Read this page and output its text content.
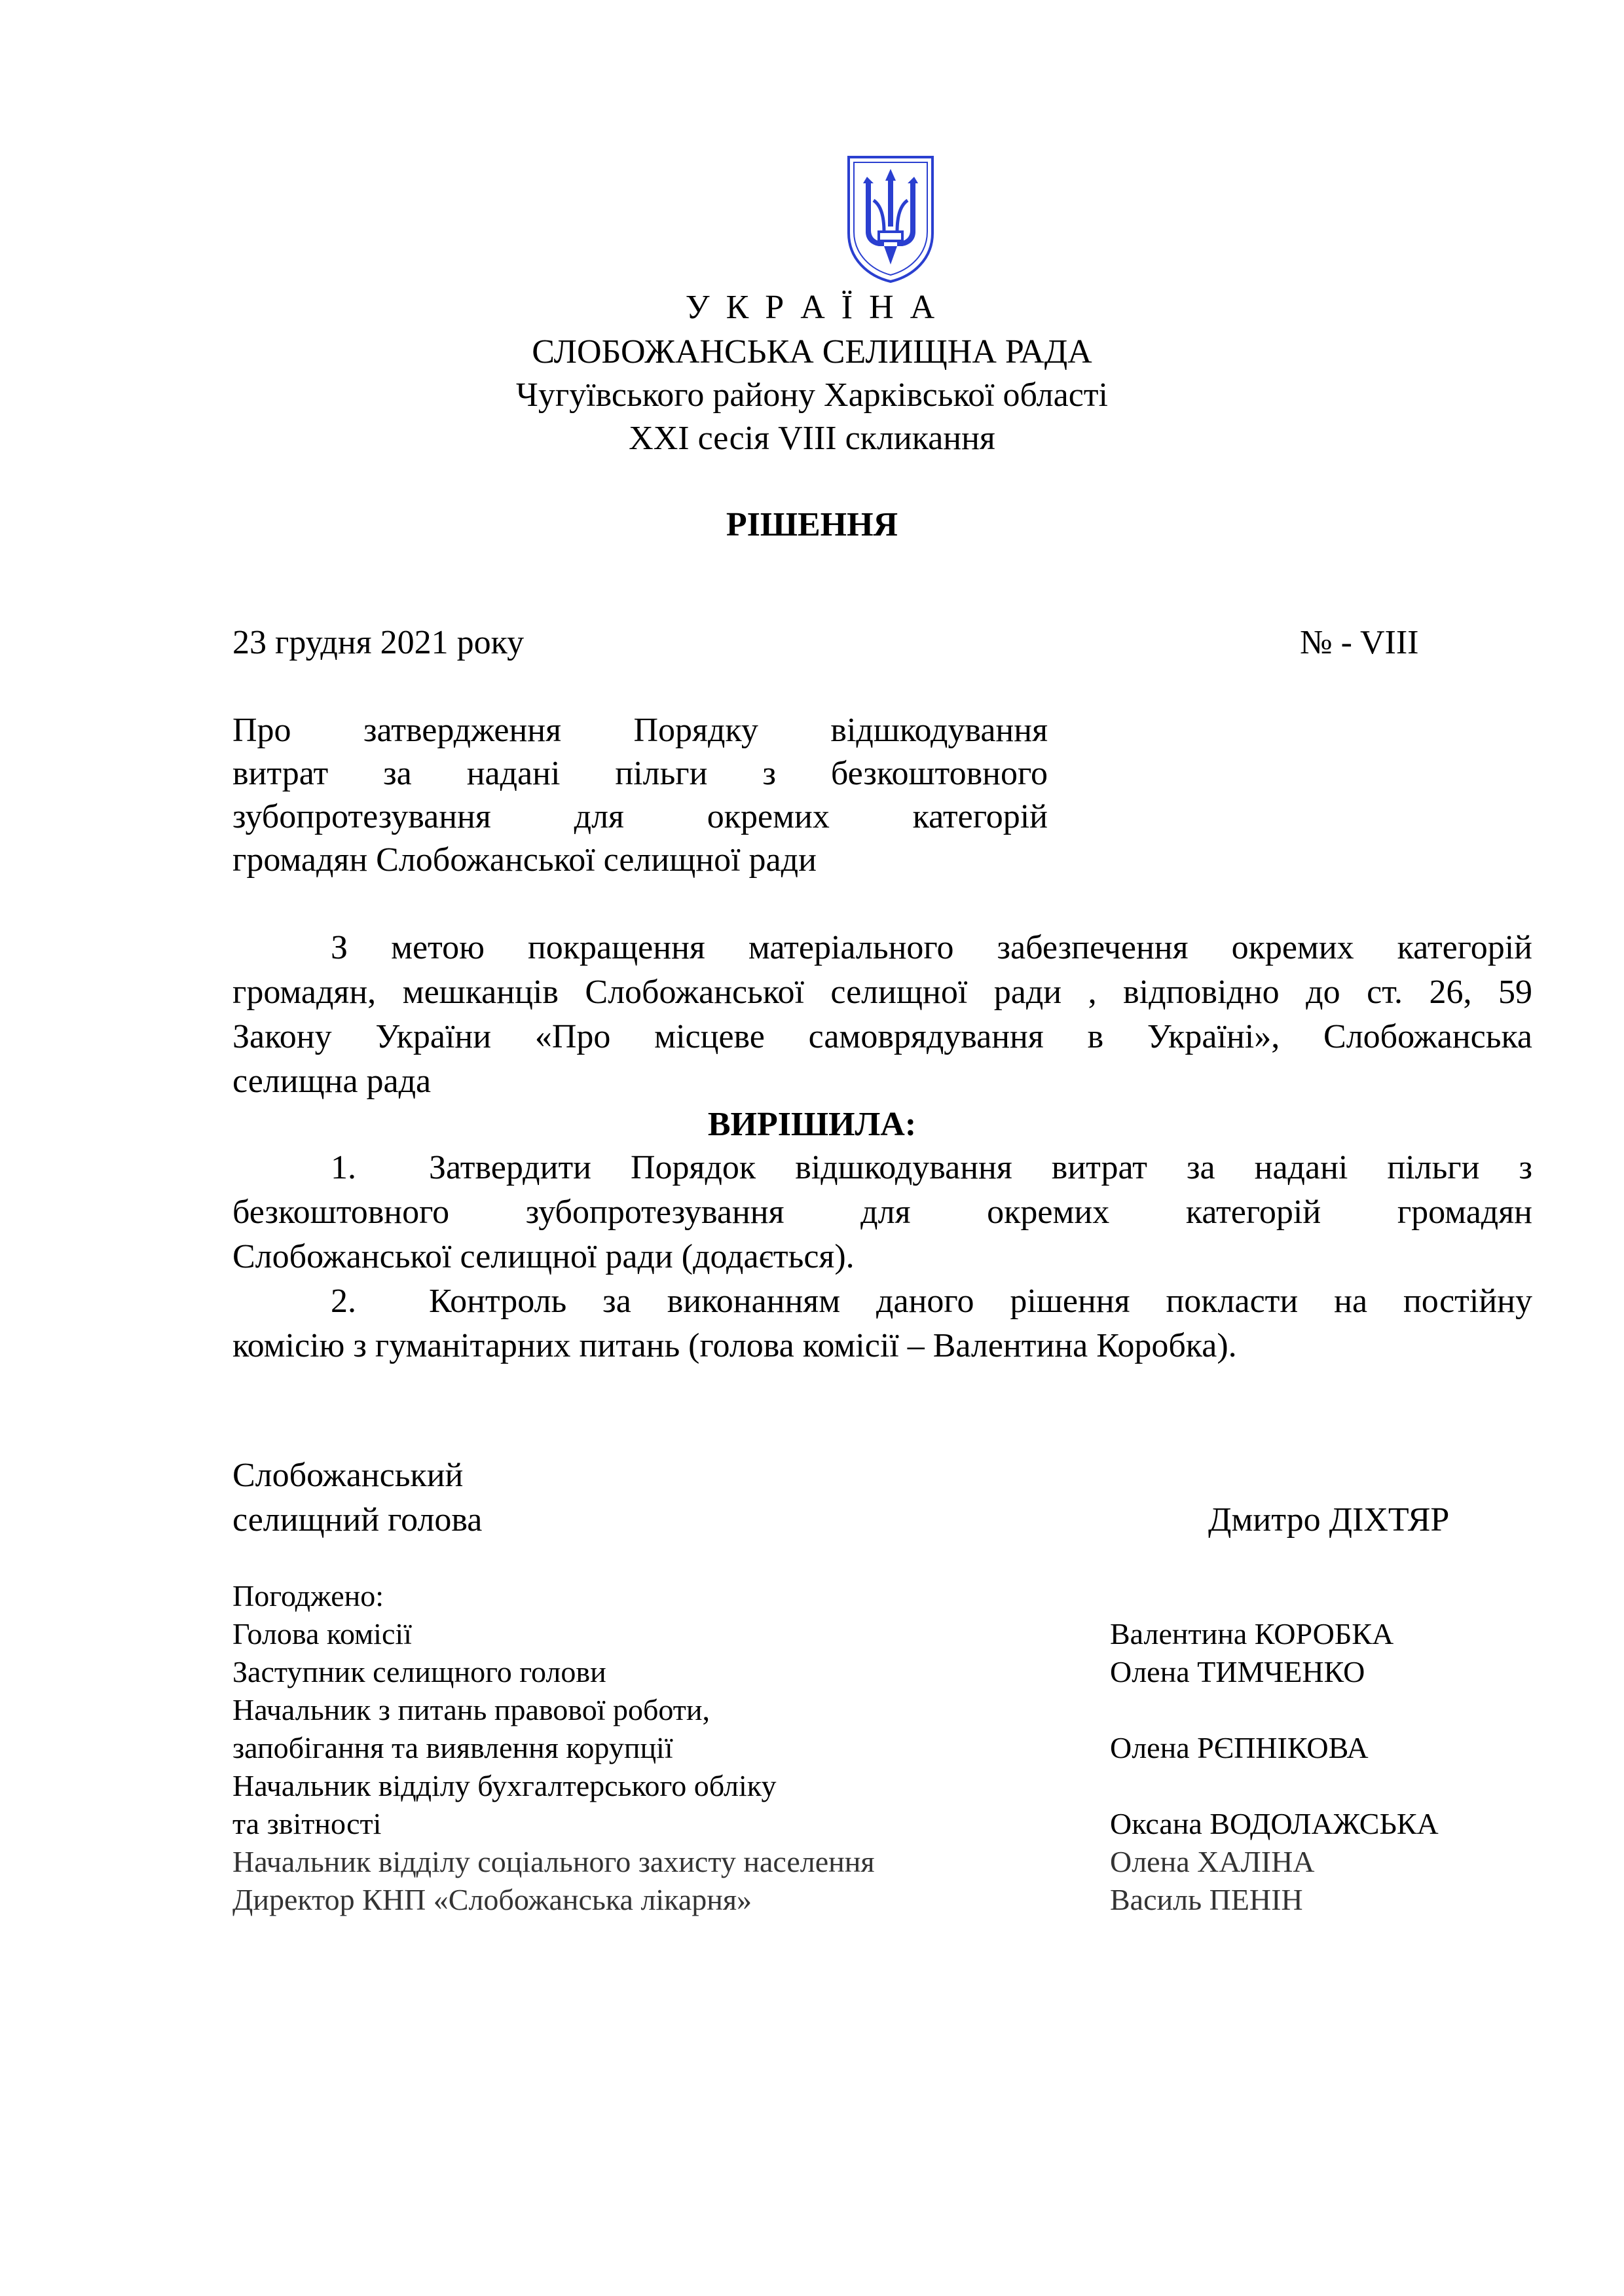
У К Р А Ї Н А
СЛОБОЖАНСЬКА СЕЛИЩНА РАДА
Чугуївського району Харківської області
XXI сесія VIII скликання
РІШЕННЯ
23 грудня 2021 року	№ - VIII
Про затвердження Порядку відшкодування
витрат за надані пільги з безкоштовного
зубопротезування для окремих категорій
громадян Слобожанської селищної ради
З метою покращення матеріального забезпечення окремих категорій
громадян, мешканців Слобожанської селищної ради , відповідно до ст. 26, 59
Закону України «Про місцеве самоврядування в Україні», Слобожанська
селищна рада
ВИРІШИЛА:
1. Затвердити Порядок відшкодування витрат за надані пільги з
безкоштовного зубопротезування для окремих категорій громадян
Слобожанської селищної ради (додається).
2. Контроль за виконанням даного рішення покласти на постійну
комісію з гуманітарних питань (голова комісії – Валентина Коробка).
Слобожанський
селищний голова	Дмитро ДІХТЯР
Погоджено:
Голова комісії	Валентина КОРОБКА
Заступник селищного голови	Олена ТИМЧЕНКО
Начальник з питань правової роботи,
запобігання та виявлення корупції	Олена РЄПНІКОВА
Начальник відділу бухгалтерського обліку
та звітності	Оксана ВОДОЛАЖСЬКА
Начальник відділу соціального захисту населення	Олена ХАЛІНА
Директор КНП «Слобожанська лікарня»	Василь ПЕНІН
